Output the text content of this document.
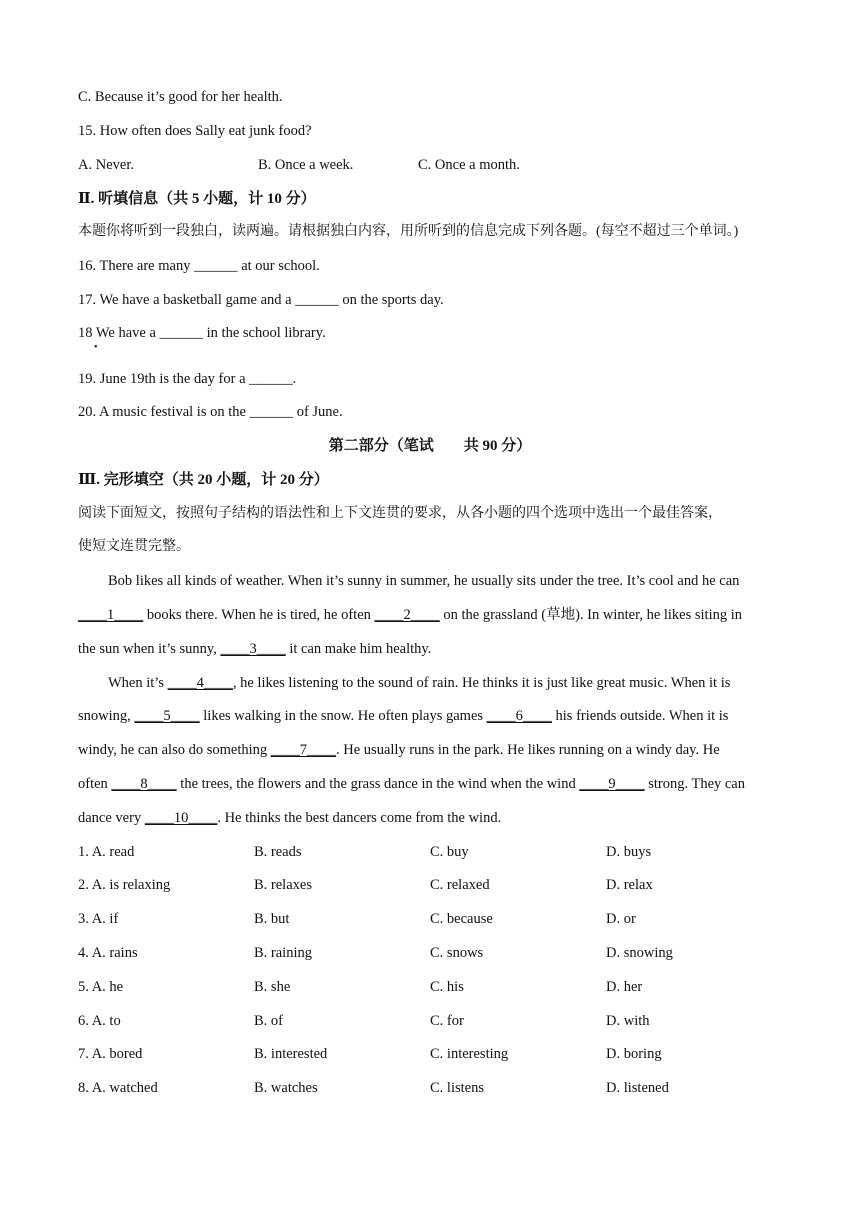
C. Because it’s good for her health.
15. How often does Sally eat junk food?
A. Never.	B. Once a week.	C. Once a month.
Ⅱ. 听填信息（共 5 小题，计 10 分）
本题你将听到一段独白，读两遍。请根据独白内容，用所听到的信息完成下列各题。(每空不超过三个单词。)
16. There are many ______ at our school.
17. We have a basketball game and a ______ on the sports day.
18 We have a ______ in the school library.
•
19. June 19th is the day for a ______.
20. A music festival is on the ______ of June.
第二部分（笔试　　共 90 分）
Ⅲ. 完形填空（共 20 小题，计 20 分）
阅读下面短文，按照句子结构的语法性和上下文连贯的要求，从各小题的四个选项中选出一个最佳答案，
使短文连贯完整。
Bob likes all kinds of weather. When it’s sunny in summer, he usually sits under the tree. It’s cool and he can
____1____ books there. When he is tired, he often ____2____ on the grassland (草地). In winter, he likes siting in
the sun when it’s sunny, ____3____ it can make him healthy.
When it’s ____4____, he likes listening to the sound of rain. He thinks it is just like great music. When it is
snowing, ____5____ likes walking in the snow. He often plays games ____6____ his friends outside. When it is
windy, he can also do something ____7____. He usually runs in the park. He likes running on a windy day. He
often ____8____ the trees, the flowers and the grass dance in the wind when the wind ____9____ strong. They can
dance very ____10____. He thinks the best dancers come from the wind.
1. A. read	B. reads	C. buy	D. buys
2. A. is relaxing	B. relaxes	C. relaxed	D. relax
3. A. if	B. but	C. because	D. or
4. A. rains	B. raining	C. snows	D. snowing
5. A. he	B. she	C. his	D. her
6. A. to	B. of	C. for	D. with
7. A. bored	B. interested	C. interesting	D. boring
8. A. watched	B. watches	C. listens	D. listened
